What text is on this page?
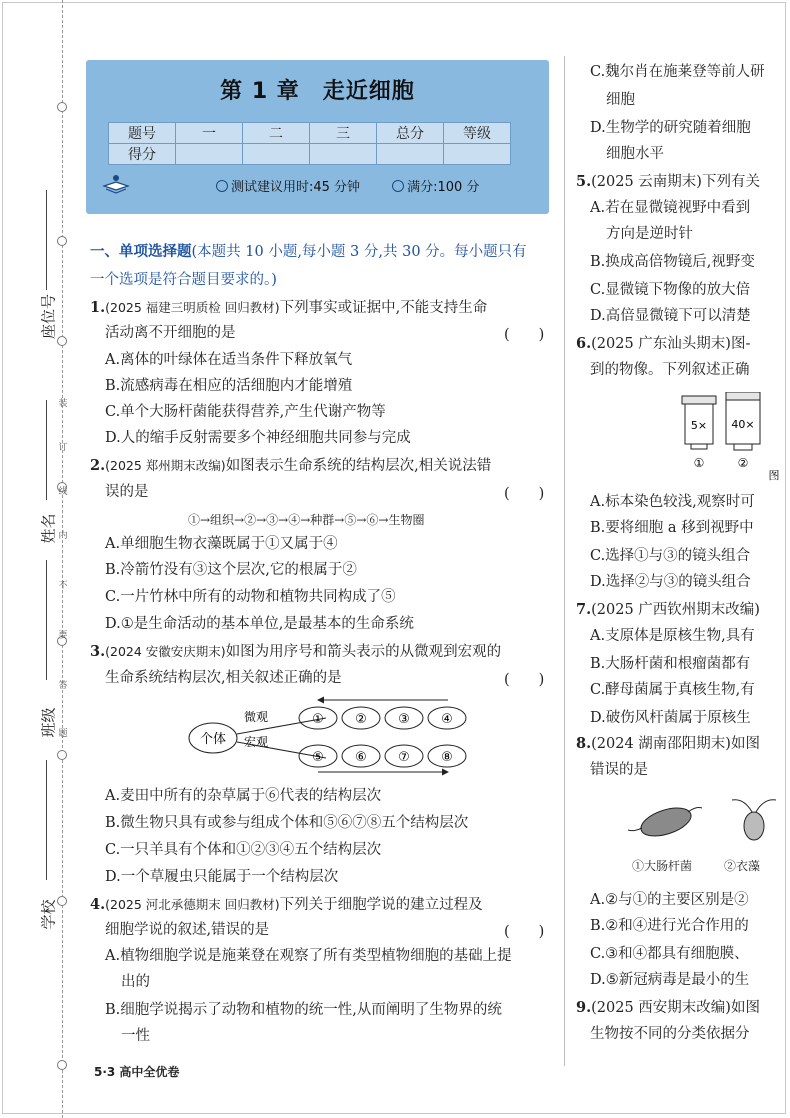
装
订
线
内
不
要
答
题
座位号
姓名
班级
学校
第 1 章　走近细胞
题号	一	二	三	总分	等级
得分					
测试建议用时:45 分钟	满分:100 分
一、单项选择题(本题共 10 小题,每小题 3 分,共 30 分。每小题只有
一个选项是符合题目要求的。)
1.(2025 福建三明质检 回归教材)下列事实或证据中,不能支持生命
活动离不开细胞的是	(　　)
A.离体的叶绿体在适当条件下释放氧气
B.流感病毒在相应的活细胞内才能增殖
C.单个大肠杆菌能获得营养,产生代谢产物等
D.人的缩手反射需要多个神经细胞共同参与完成
2.(2025 郑州期末改编)如图表示生命系统的结构层次,相关说法错
误的是	(　　)
①→组织→②→③→④→种群→⑤→⑥→生物圈
A.单细胞生物衣藻既属于①又属于④
B.冷箭竹没有③这个层次,它的根属于②
C.一片竹林中所有的动物和植物共同构成了⑤
D.①是生命活动的基本单位,是最基本的生命系统
3.(2024 安徽安庆期末)如图为用序号和箭头表示的从微观到宏观的
生命系统结构层次,相关叙述正确的是	(　　)
个体
微观
宏观
① ② ③ ④
⑤ ⑥ ⑦ ⑧
A.麦田中所有的杂草属于⑥代表的结构层次
B.微生物只具有或参与组成个体和⑤⑥⑦⑧五个结构层次
C.一只羊具有个体和①②③④五个结构层次
D.一个草履虫只能属于一个结构层次
4.(2025 河北承德期末 回归教材)下列关于细胞学说的建立过程及
细胞学说的叙述,错误的是	(　　)
A.植物细胞学说是施莱登在观察了所有类型植物细胞的基础上提
出的
B.细胞学说揭示了动物和植物的统一性,从而阐明了生物界的统
一性
5·3 高中全优卷
C.魏尔肖在施莱登等前人研
细胞
D.生物学的研究随着细胞
细胞水平
5.(2025 云南期末)下列有关
A.若在显微镜视野中看到
方向是逆时针
B.换成高倍物镜后,视野变
C.显微镜下物像的放大倍
D.高倍显微镜下可以清楚
6.(2025 广东汕头期末)图-
到的物像。下列叙述正确
5×
①
40×
②
图
A.标本染色较浅,观察时可
B.要将细胞 a 移到视野中
C.选择①与③的镜头组合
D.选择②与③的镜头组合
7.(2025 广西钦州期末改编)
A.支原体是原核生物,具有
B.大肠杆菌和根瘤菌都有
C.酵母菌属于真核生物,有
D.破伤风杆菌属于原核生
8.(2024 湖南邵阳期末)如图
错误的是
①大肠杆菌	②衣藻
A.②与①的主要区别是②
B.②和④进行光合作用的
C.③和④都具有细胞膜、
D.⑤新冠病毒是最小的生
9.(2025 西安期末改编)如图
生物按不同的分类依据分
